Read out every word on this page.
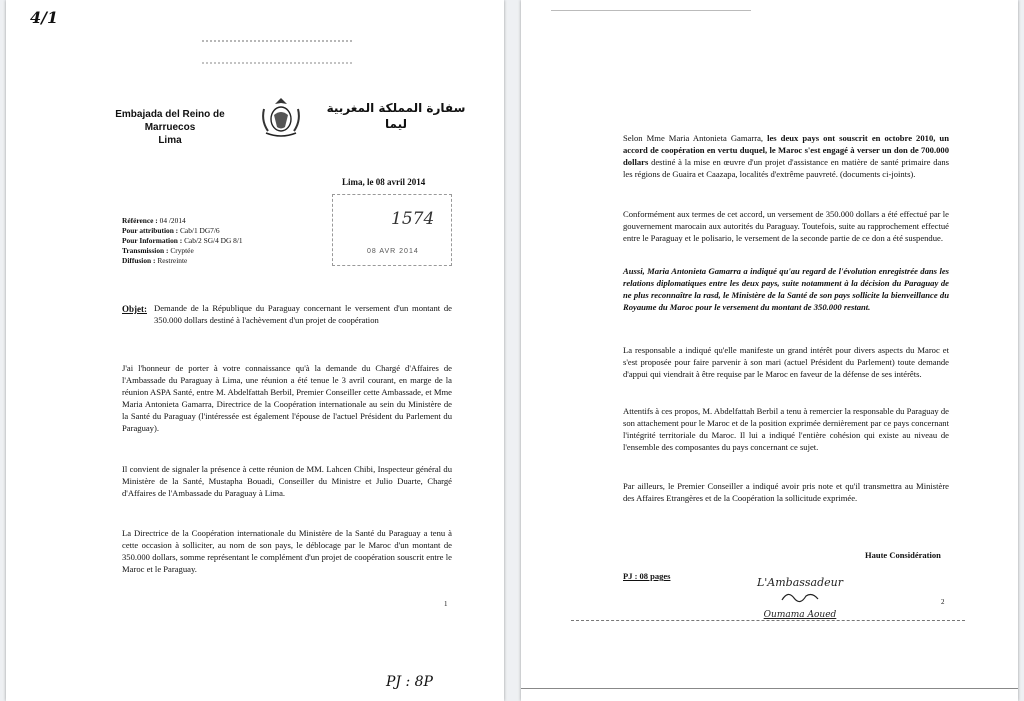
4/1
Embajada del Reino de
Marruecos
Lima
سفارة المملكة المغربية
ليما
Lima, le 08 avril 2014
1574
08 AVR 2014
Référence : 04 /2014
Pour attribution : Cab/1 DG7/6
Pour Information : Cab/2 SG/4 DG 8/1
Transmission : Cryptée
Diffusion : Restreinte
Objet: Demande de la République du Paraguay concernant le versement d'un montant de 350.000 dollars destiné à l'achèvement d'un projet de coopération
J'ai l'honneur de porter à votre connaissance qu'à la demande du Chargé d'Affaires de l'Ambassade du Paraguay à Lima, une réunion a été tenue le 3 avril courant, en marge de la réunion ASPA Santé, entre M. Abdelfattah Berbil, Premier Conseiller cette Ambassade, et Mme Maria Antonieta Gamarra, Directrice de la Coopération internationale au sein du Ministère de la Santé du Paraguay (l'intéressée est également l'épouse de l'actuel Président du Parlement du Paraguay).
Il convient de signaler la présence à cette réunion de MM. Lahcen Chibi, Inspecteur général du Ministère de la Santé, Mustapha Bouadi, Conseiller du Ministre et Julio Duarte, Chargé d'Affaires de l'Ambassade du Paraguay à Lima.
La Directrice de la Coopération internationale du Ministère de la Santé du Paraguay a tenu à cette occasion à solliciter, au nom de son pays, le déblocage par le Maroc d'un montant de 350.000 dollars, somme représentant le complément d'un projet de coopération souscrit entre le Maroc et le Paraguay.
1
PJ : 8P
Selon Mme Maria Antonieta Gamarra, les deux pays ont souscrit en octobre 2010, un accord de coopération en vertu duquel, le Maroc s'est engagé à verser un don de 700.000 dollars destiné à la mise en œuvre d'un projet d'assistance en matière de santé primaire dans les régions de Guaira et Caazapa, localités d'extrême pauvreté. (documents ci-joints).
Conformément aux termes de cet accord, un versement de 350.000 dollars a été effectué par le gouvernement marocain aux autorités du Paraguay. Toutefois, suite au rapprochement effectué entre le Paraguay et le polisario, le versement de la seconde partie de ce don a été suspendue.
Aussi, Maria Antonieta Gamarra a indiqué qu'au regard de l'évolution enregistrée dans les relations diplomatiques entre les deux pays, suite notamment à la décision du Paraguay de ne plus reconnaître la rasd, le Ministère de la Santé de son pays sollicite la bienveillance du Royaume du Maroc pour le versement du montant de 350.000 restant.
La responsable a indiqué qu'elle manifeste un grand intérêt pour divers aspects du Maroc et s'est proposée pour faire parvenir à son mari (actuel Président du Parlement) toute demande d'appui qui viendrait à être requise par le Maroc en faveur de la défense de ses intérêts.
Attentifs à ces propos, M. Abdelfattah Berbil a tenu à remercier la responsable du Paraguay de son attachement pour le Maroc et de la position exprimée dernièrement par ce pays concernant l'intégrité territoriale du Maroc. Il lui a indiqué l'entière cohésion qui existe au niveau de l'ensemble des composantes du pays concernant ce sujet.
Par ailleurs, le Premier Conseiller a indiqué avoir pris note et qu'il transmettra au Ministère des Affaires Etrangères et de la Coopération la sollicitude exprimée.
Haute Considération
PJ : 08 pages	L'Ambassadeur
Oumama Aoued
2
